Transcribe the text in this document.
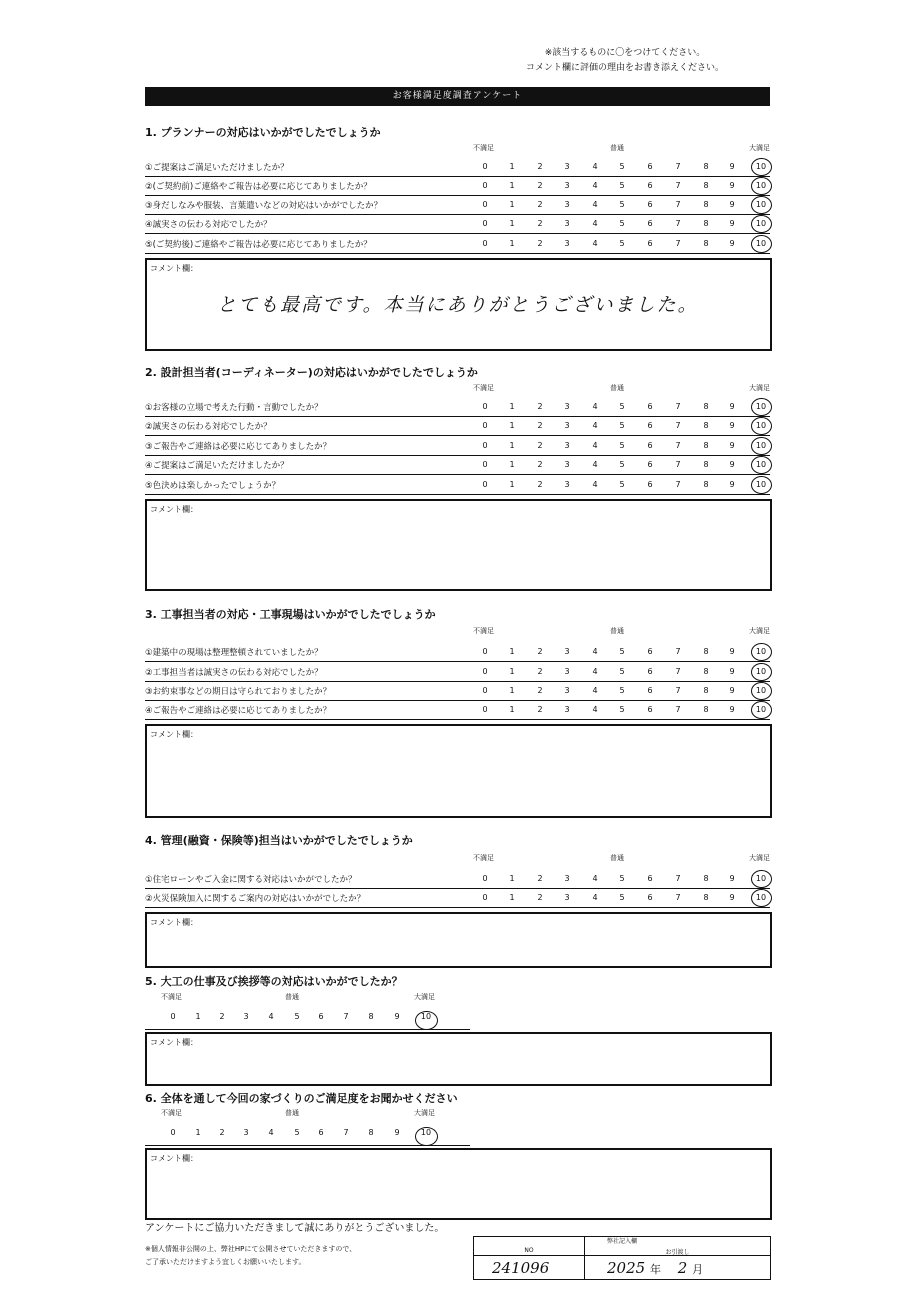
※該当するものに〇をつけてください。
コメント欄に評価の理由をお書き添えください。
お客様満足度調査アンケート
1. プランナーの対応はいかがでしたでしょうか
不満足	普通	大満足
①ご提案はご満足いただけましたか？	0	1	2	3	4	5	6	7	8	9	10
②(ご契約前)ご連絡やご報告は必要に応じてありましたか？	0	1	2	3	4	5	6	7	8	9	10
③身だしなみや服装、言葉遣いなどの対応はいかがでしたか？	0	1	2	3	4	5	6	7	8	9	10
④誠実さの伝わる対応でしたか？	0	1	2	3	4	5	6	7	8	9	10
⑤(ご契約後)ご連絡やご報告は必要に応じてありましたか？	0	1	2	3	4	5	6	7	8	9	10
コメント欄：
とても最高です。本当にありがとうございました。
2. 設計担当者(コーディネーター)の対応はいかがでしたでしょうか
不満足	普通	大満足
①お客様の立場で考えた行動・言動でしたか？	0	1	2	3	4	5	6	7	8	9	10
②誠実さの伝わる対応でしたか？	0	1	2	3	4	5	6	7	8	9	10
③ご報告やご連絡は必要に応じてありましたか？	0	1	2	3	4	5	6	7	8	9	10
④ご提案はご満足いただけましたか？	0	1	2	3	4	5	6	7	8	9	10
⑤色決めは楽しかったでしょうか？	0	1	2	3	4	5	6	7	8	9	10
コメント欄：
3. 工事担当者の対応・工事現場はいかがでしたでしょうか
不満足	普通	大満足
①建築中の現場は整理整頓されていましたか？	0	1	2	3	4	5	6	7	8	9	10
②工事担当者は誠実さの伝わる対応でしたか？	0	1	2	3	4	5	6	7	8	9	10
③お約束事などの期日は守られておりましたか？	0	1	2	3	4	5	6	7	8	9	10
④ご報告やご連絡は必要に応じてありましたか？	0	1	2	3	4	5	6	7	8	9	10
コメント欄：
4. 管理(融資・保険等)担当はいかがでしたでしょうか
不満足	普通	大満足
①住宅ローンやご入金に関する対応はいかがでしたか？	0	1	2	3	4	5	6	7	8	9	10
②火災保険加入に関するご案内の対応はいかがでしたか？	0	1	2	3	4	5	6	7	8	9	10
コメント欄：
5. 大工の仕事及び挨拶等の対応はいかがでしたか？
不満足	普通	大満足
0	1	2	3	4	5	6	7	8	9	10
コメント欄：
6. 全体を通して今回の家づくりのご満足度をお聞かせください
不満足	普通	大満足
0	1	2	3	4	5	6	7	8	9	10
コメント欄：
アンケートにご協力いただきまして誠にありがとうございました。
※個人情報非公開の上、弊社HPにて公開させていただきますので、
ご了承いただけますよう宜しくお願いいたします。
弊社記入欄
NO
241096
お引渡し
2025 年 2 月
